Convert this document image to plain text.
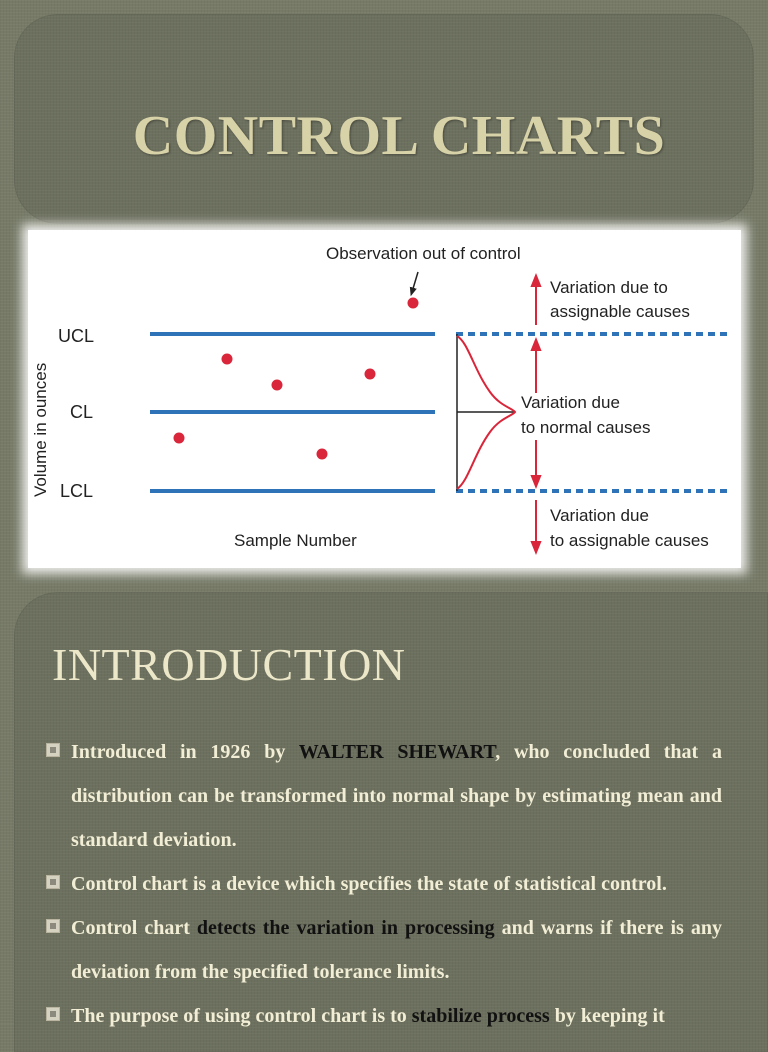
CONTROL CHARTS
Observation out of control
Volume in ounces
UCL
CL
LCL
Sample Number
Variation due to
assignable causes
Variation due
to normal causes
Variation due
to assignable causes
INTRODUCTION
Introduced in 1926 by WALTER SHEWART, who concluded that a distribution can be transformed into normal shape by estimating mean and standard deviation.
Control chart is a device which specifies the state of statistical control.
Control chart detects the variation in processing and warns if there is any deviation from the specified tolerance limits.
The purpose of using control chart is to stabilize process by keeping it
